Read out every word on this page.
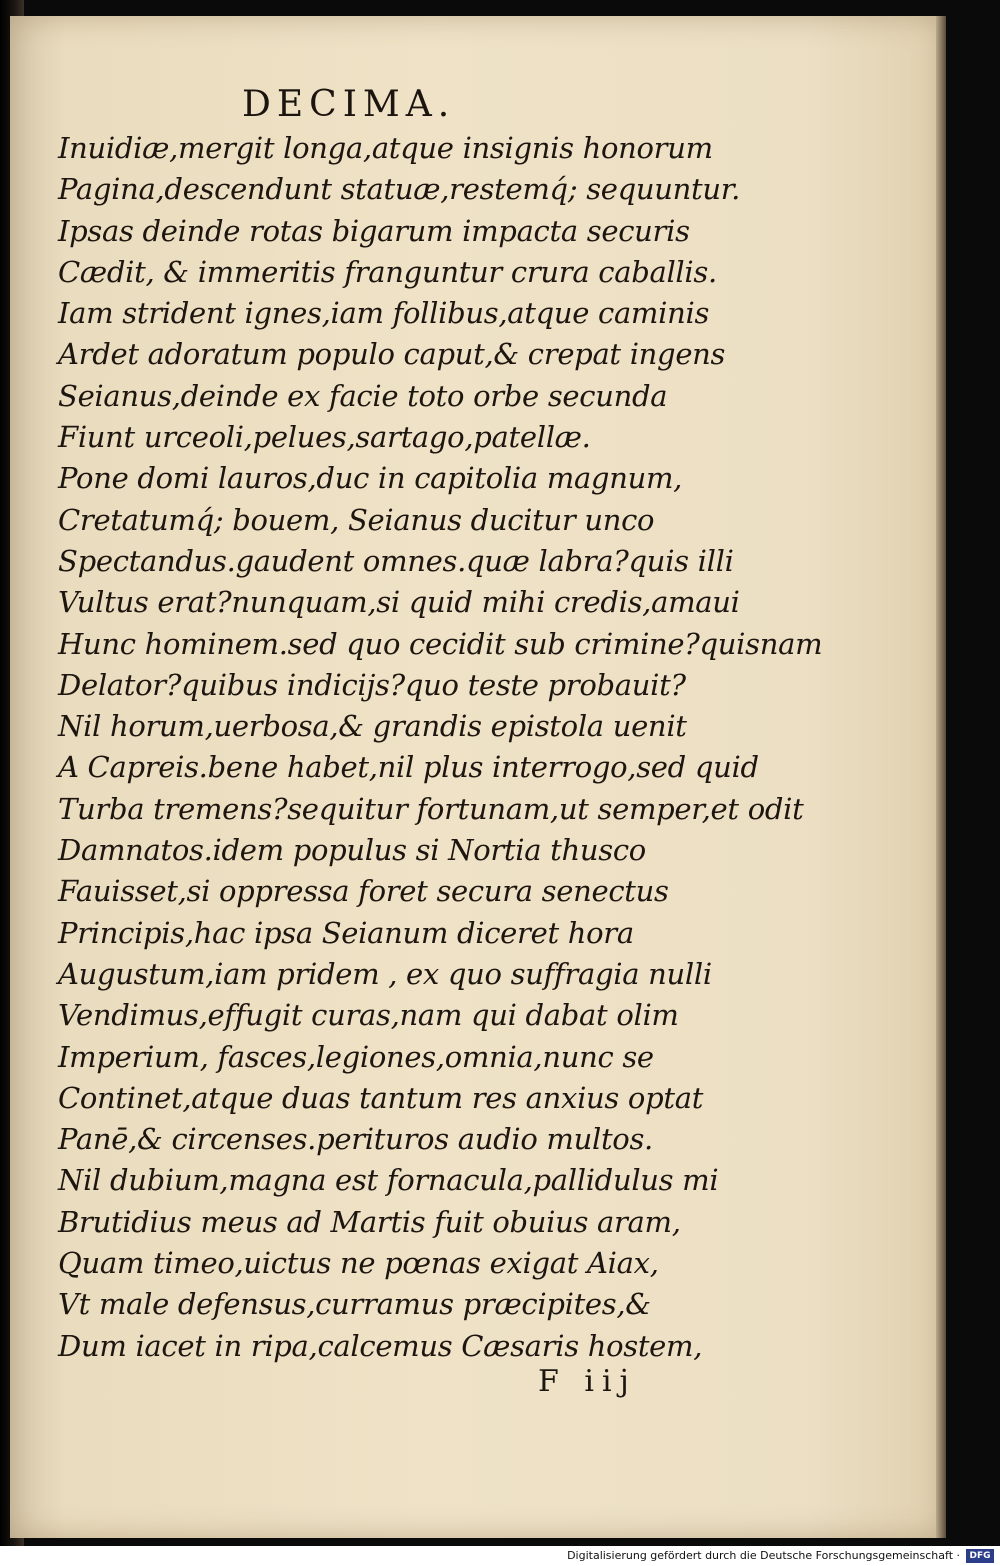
DECIMA.
Inuidiæ,mergit longa,atque insignis honorum
Pagina,descendunt statuæ,restemq́; sequuntur.
Ipsas deinde rotas bigarum impacta securis
Cædit, & immeritis franguntur crura caballis.
Iam strident ignes,iam follibus,atque caminis
Ardet adoratum populo caput,& crepat ingens
Seianus,deinde ex facie toto orbe secunda
Fiunt urceoli,pelues,sartago,patellæ.
Pone domi lauros,duc in capitolia magnum,
Cretatumq́; bouem, Seianus ducitur unco
Spectandus.gaudent omnes.quæ labra?quis illi
Vultus erat?nunquam,si quid mihi credis,amaui
Hunc hominem.sed quo cecidit sub crimine?quisnam
Delator?quibus indicijs?quo teste probauit?
Nil horum,uerbosa,& grandis epistola uenit
A Capreis.bene habet,nil plus interrogo,sed quid
Turba tremens?sequitur fortunam,ut semper,et odit
Damnatos.idem populus si Nortia thusco
Fauisset,si oppressa foret secura senectus
Principis,hac ipsa Seianum diceret hora
Augustum,iam pridem , ex quo suffragia nulli
Vendimus,effugit curas,nam qui dabat olim
Imperium, fasces,legiones,omnia,nunc se
Continet,atque duas tantum res anxius optat
Panē,& circenses.perituros audio multos.
Nil dubium,magna est fornacula,pallidulus mi
Brutidius meus ad Martis fuit obuius aram,
Quam timeo,uictus ne pœnas exigat Aiax,
Vt male defensus,curramus præcipites,&
Dum iacet in ripa,calcemus Cæsaris hostem,
F iij
Digitalisierung gefördert durch die Deutsche Forschungsgemeinschaft ·	DFG
